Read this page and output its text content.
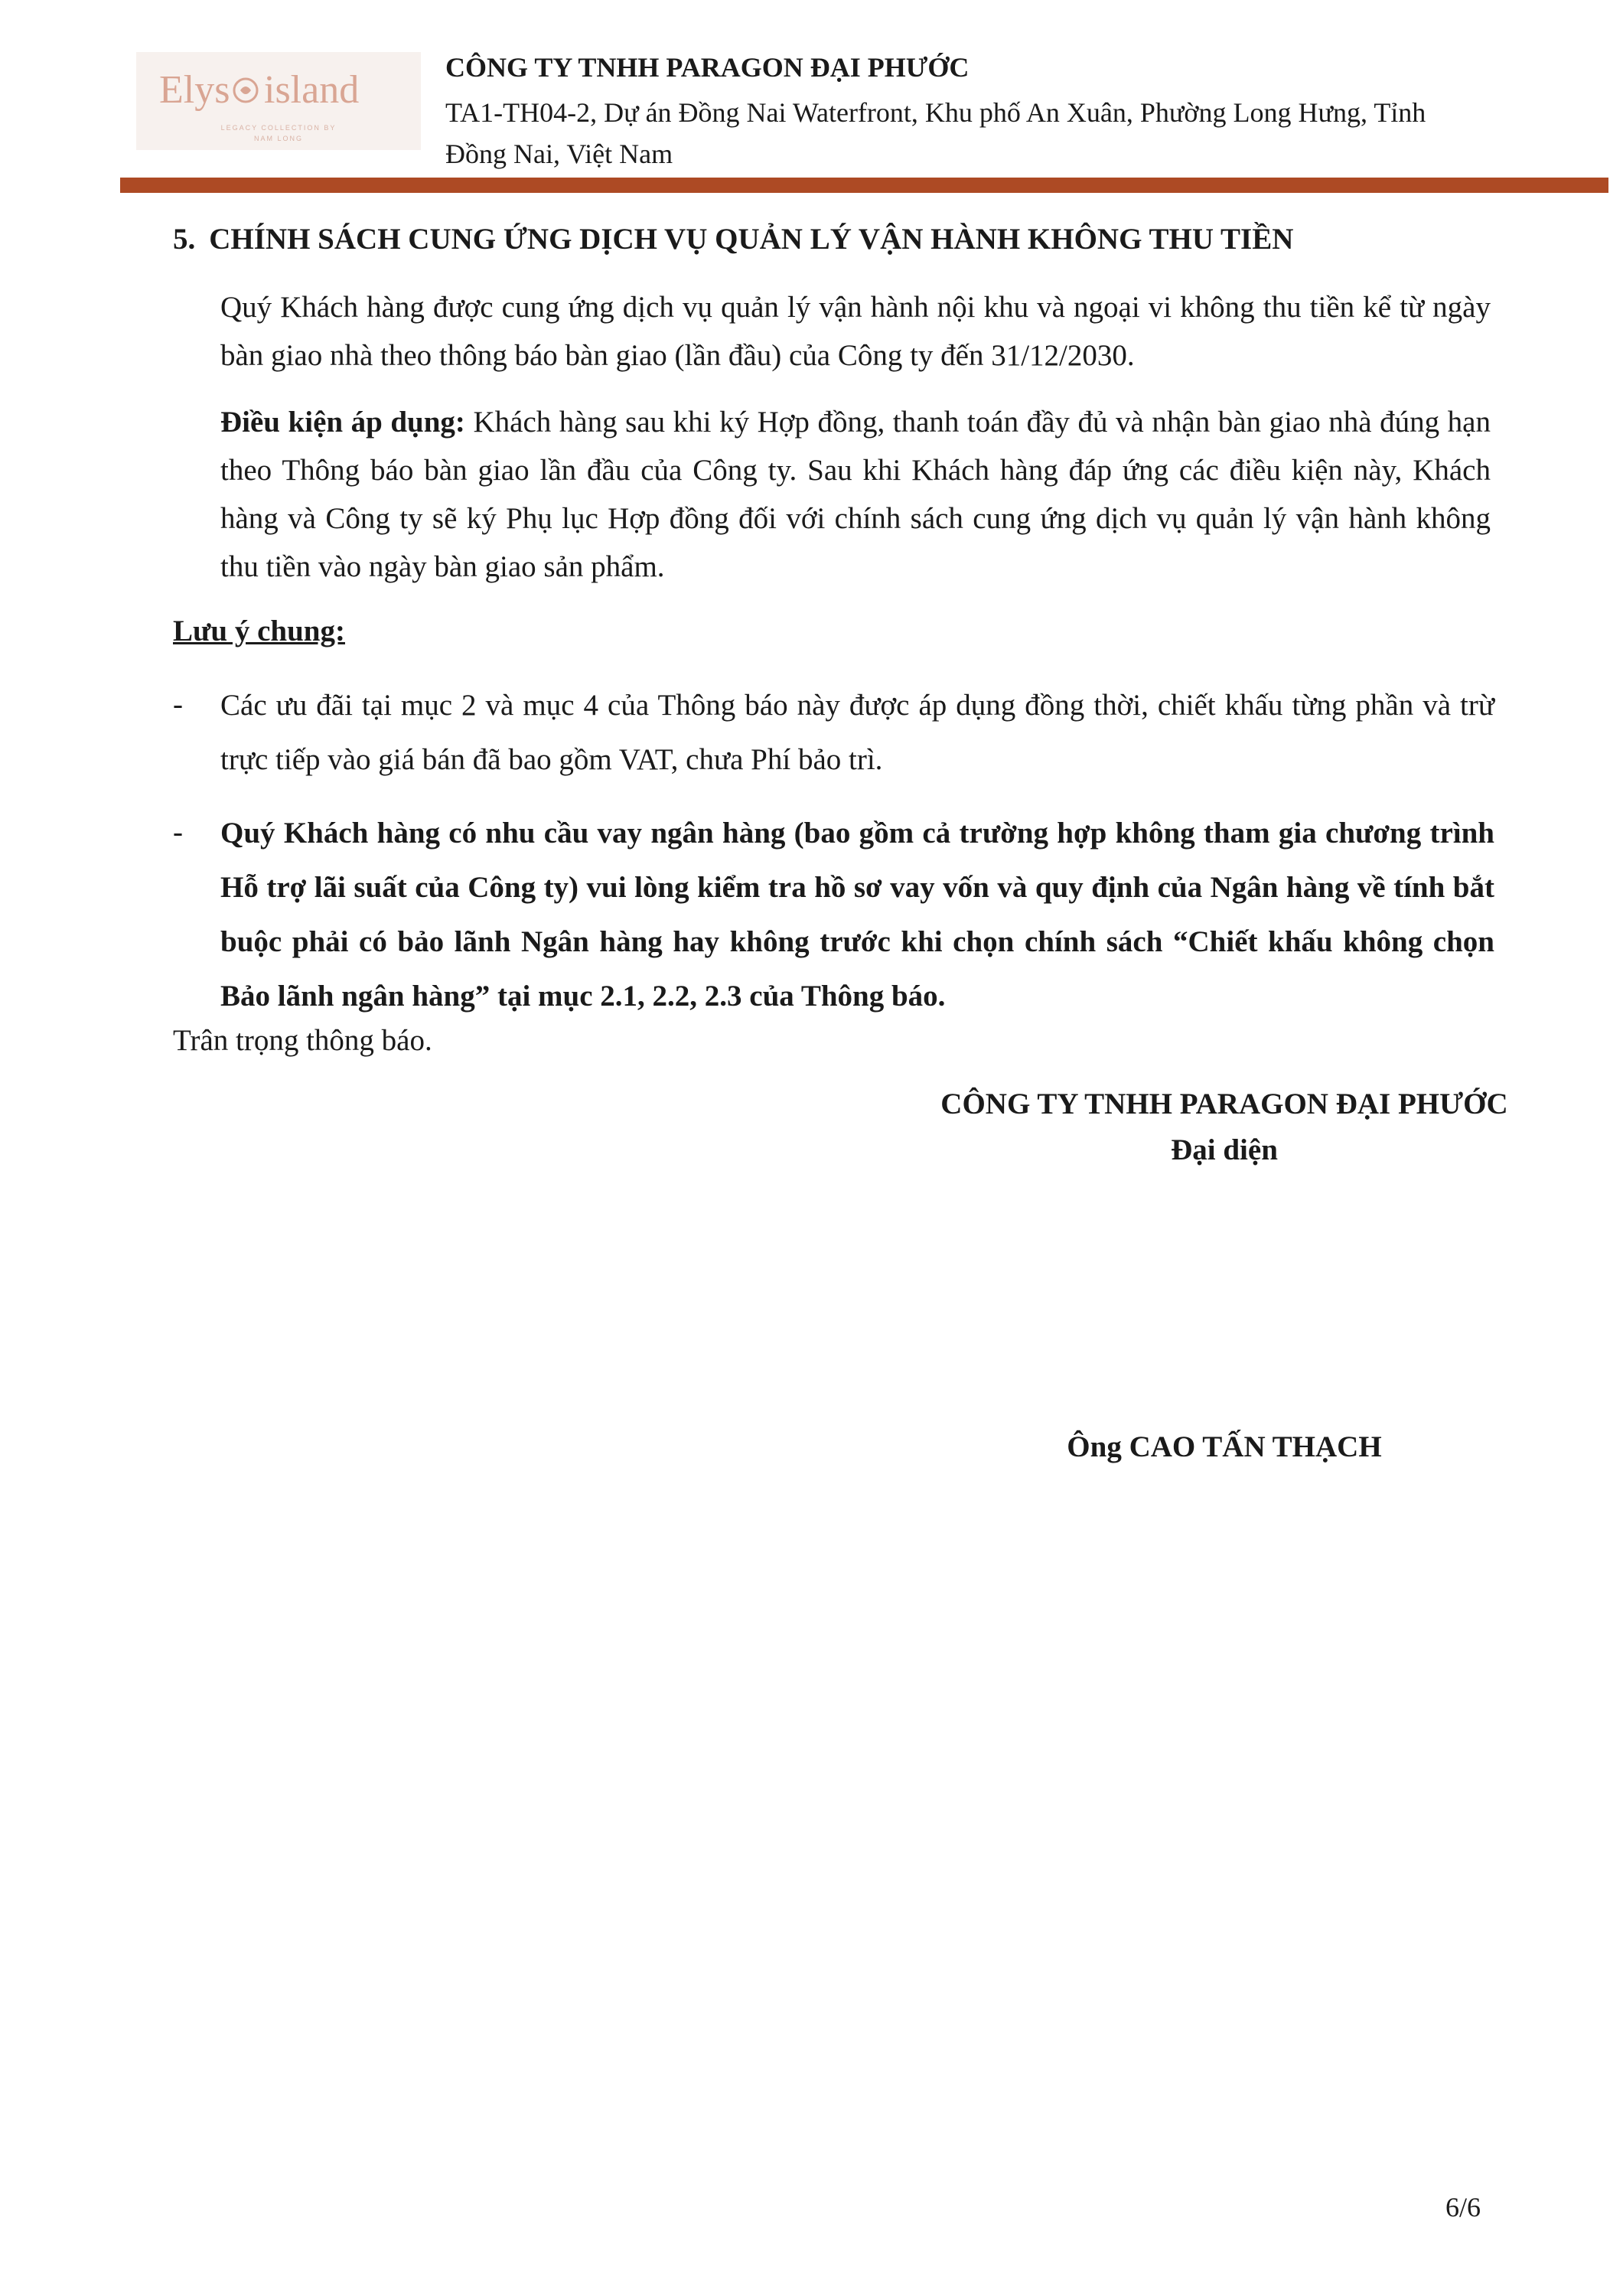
Elys island
LEGACY COLLECTION BY
NAM LONG
CÔNG TY TNHH PARAGON ĐẠI PHƯỚC
TA1-TH04-2, Dự án Đồng Nai Waterfront, Khu phố An Xuân, Phường Long Hưng, Tỉnh Đồng Nai, Việt Nam
5. CHÍNH SÁCH CUNG ỨNG DỊCH VỤ QUẢN LÝ VẬN HÀNH KHÔNG THU TIỀN
Quý Khách hàng được cung ứng dịch vụ quản lý vận hành nội khu và ngoại vi không thu tiền kể từ ngày bàn giao nhà theo thông báo bàn giao (lần đầu) của Công ty đến 31/12/2030.
Điều kiện áp dụng: Khách hàng sau khi ký Hợp đồng, thanh toán đầy đủ và nhận bàn giao nhà đúng hạn theo Thông báo bàn giao lần đầu của Công ty. Sau khi Khách hàng đáp ứng các điều kiện này, Khách hàng và Công ty sẽ ký Phụ lục Hợp đồng đối với chính sách cung ứng dịch vụ quản lý vận hành không thu tiền vào ngày bàn giao sản phẩm.
Lưu ý chung:
- Các ưu đãi tại mục 2 và mục 4 của Thông báo này được áp dụng đồng thời, chiết khấu từng phần và trừ trực tiếp vào giá bán đã bao gồm VAT, chưa Phí bảo trì.
- Quý Khách hàng có nhu cầu vay ngân hàng (bao gồm cả trường hợp không tham gia chương trình Hỗ trợ lãi suất của Công ty) vui lòng kiểm tra hồ sơ vay vốn và quy định của Ngân hàng về tính bắt buộc phải có bảo lãnh Ngân hàng hay không trước khi chọn chính sách “Chiết khấu không chọn Bảo lãnh ngân hàng” tại mục 2.1, 2.2, 2.3 của Thông báo.
Trân trọng thông báo.
CÔNG TY TNHH PARAGON ĐẠI PHƯỚC
Đại diện
Ông CAO TẤN THẠCH
6/6
